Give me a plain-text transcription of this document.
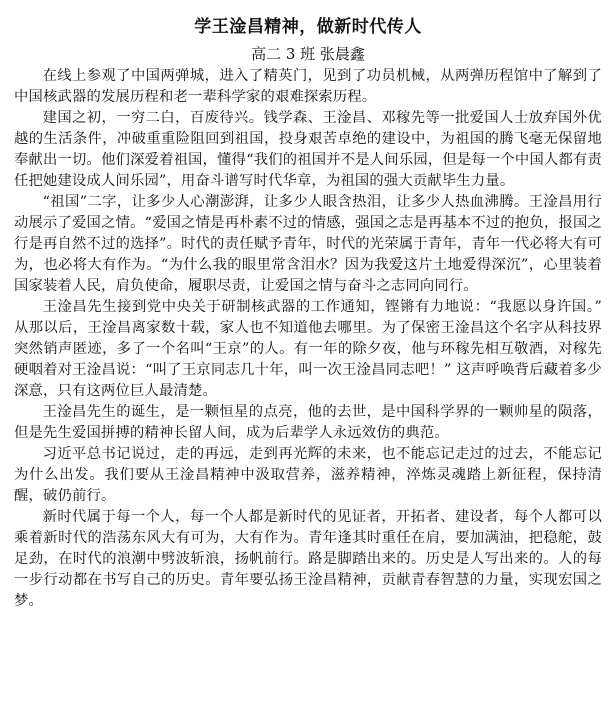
学王淦昌精神，做新时代传人
高二 3 班 张晨鑫

在线上参观了中国两弹城，进入了精英门，见到了功员机械，从两弹历程馆中了解到了中国核武器的发展历程和老一辈科学家的艰难探索历程。

建国之初，一穷二白，百废待兴。钱学森、王淦昌、邓稼先等一批爱国人士放弃国外优越的生活条件，冲破重重险阻回到祖国，投身艰苦卓绝的建设中，为祖国的腾飞毫无保留地奉献出一切。他们深爱着祖国，懂得“我们的祖国并不是人间乐园，但是每一个中国人都有责任把她建设成人间乐园”，用奋斗谱写时代华章，为祖国的强大贡献毕生力量。

“祖国”二字，让多少人心潮澎湃，让多少人眼含热泪，让多少人热血沸腾。王淦昌用行动展示了爱国之情。“爱国之情是再朴素不过的情感，强国之志是再基本不过的抱负，报国之行是再自然不过的选择”。时代的责任赋予青年，时代的光荣属于青年，青年一代必将大有可为，也必将大有作为。“为什么我的眼里常含泪水？因为我爱这片土地爱得深沉”，心里装着国家装着人民，肩负使命，履职尽责，让爱国之情与奋斗之志同向同行。

王淦昌先生接到党中央关于研制核武器的工作通知，铿锵有力地说：“我愿以身许国。” 从那以后，王淦昌离家数十载，家人也不知道他去哪里。为了保密王淦昌这个名字从科技界突然销声匿迹，多了一个名叫“王京”的人。有一年的除夕夜，他与环稼先相互敬酒，对稼先硬咽着对王淦昌说：“叫了王京同志几十年，叫一次王淦昌同志吧！” 这声呼唤背后藏着多少深意，只有这两位巨人最清楚。

王淦昌先生的诞生，是一颗恒星的点亮，他的去世，是中国科学界的一颗帅星的陨落，但是先生爱国拼搏的精神长留人间，成为后辈学人永远效仿的典范。

习近平总书记说过，走的再远，走到再光辉的未来，也不能忘记走过的过去，不能忘记为什么出发。我们要从王淦昌精神中汲取营养，滋养精神，淬炼灵魂踏上新征程，保持清醒，破仍前行。

新时代属于每一个人，每一个人都是新时代的见证者，开拓者、建设者，每个人都可以乘着新时代的浩荡东风大有可为，大有作为。青年逢其时重任在肩，要加满油，把稳舵，鼓足劲，在时代的浪潮中劈波斩浪，扬帆前行。路是脚踏出来的。历史是人写出来的。人的每一步行动都在书写自己的历史。青年要弘扬王淦昌精神，贡献青春智慧的力量，实现宏国之梦。
